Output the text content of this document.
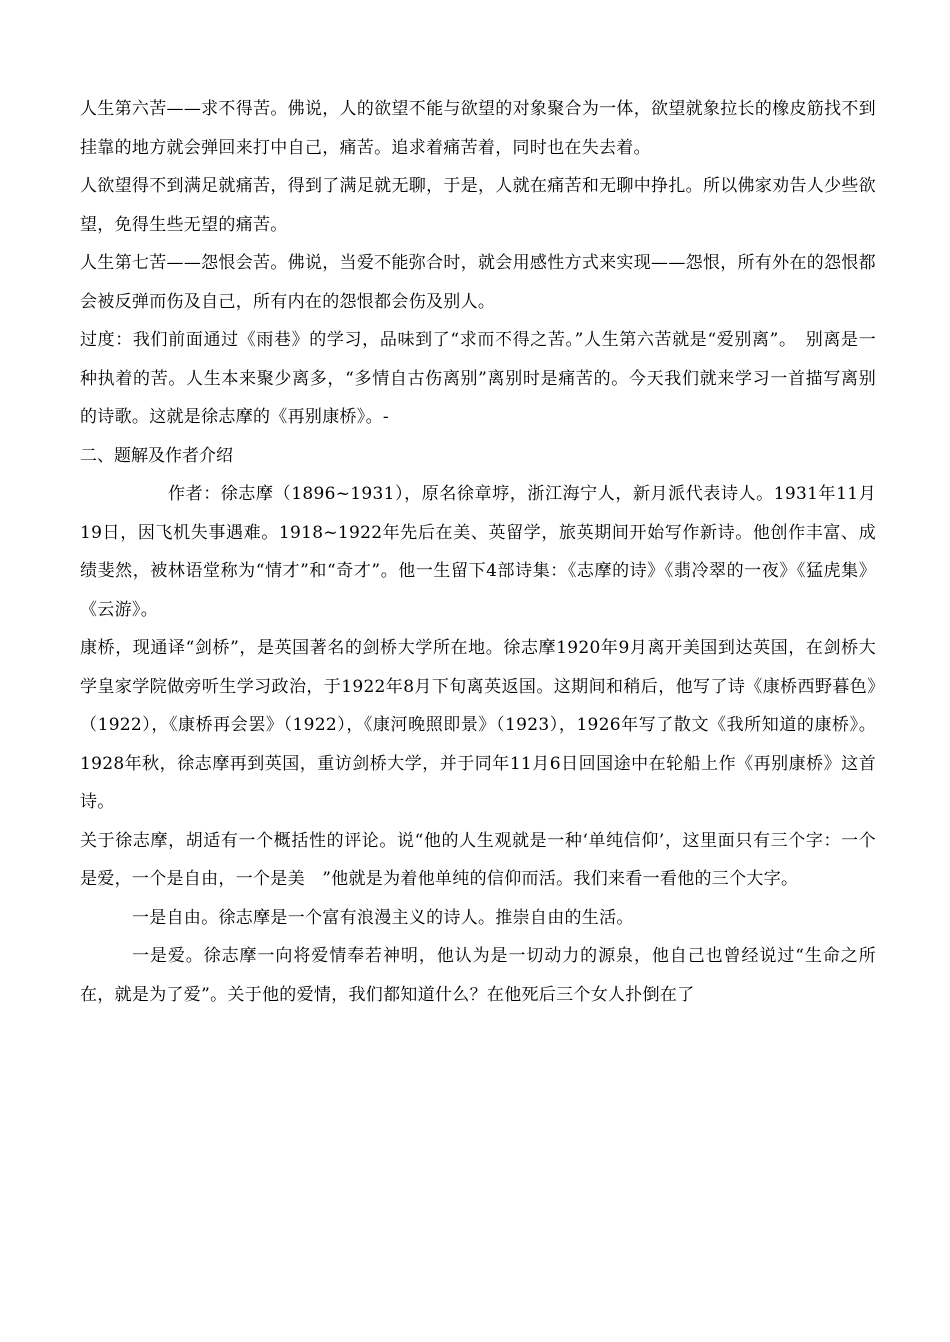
人生第六苦——求不得苦。佛说，人的欲望不能与欲望的对象聚合为一体，欲望就象拉长的橡皮筋找不到挂靠的地方就会弹回来打中自己，痛苦。追求着痛苦着，同时也在失去着。

人欲望得不到满足就痛苦，得到了满足就无聊，于是，人就在痛苦和无聊中挣扎。所以佛家劝告人少些欲望，免得生些无望的痛苦。

人生第七苦——怨恨会苦。佛说，当爱不能弥合时，就会用感性方式来实现——怨恨，所有外在的怨恨都会被反弹而伤及自己，所有内在的怨恨都会伤及别人。

过度：我们前面通过《雨巷》的学习，品味到了“求而不得之苦。”人生第六苦就是“爱别离”。　别离是一种执着的苦。人生本来聚少离多，“多情自古伤离别”离别时是痛苦的。今天我们就来学习一首描写离别的诗歌。这就是徐志摩的《再别康桥》。-

二、题解及作者介绍

作者：徐志摩（1896~1931），原名徐章垿，浙江海宁人，新月派代表诗人。1931年11月19日，因飞机失事遇难。1918~1922年先后在美、英留学，旅英期间开始写作新诗。他创作丰富、成绩斐然，被林语堂称为“情才”和“奇才”。他一生留下4部诗集：《志摩的诗》《翡冷翠的一夜》《猛虎集》《云游》。

康桥，现通译“剑桥”，是英国著名的剑桥大学所在地。徐志摩1920年9月离开美国到达英国，在剑桥大学皇家学院做旁听生学习政治，于1922年8月下旬离英返国。这期间和稍后，他写了诗《康桥西野暮色》（1922），《康桥再会罢》（1922），《康河晚照即景》（1923），1926年写了散文《我所知道的康桥》。1928年秋，徐志摩再到英国，重访剑桥大学，并于同年11月6日回国途中在轮船上作《再别康桥》这首诗。

关于徐志摩，胡适有一个概括性的评论。说“他的人生观就是一种‘单纯信仰’，这里面只有三个字：一个是爱，一个是自由，一个是美　”他就是为着他单纯的信仰而活。我们来看一看他的三个大字。

一是自由。徐志摩是一个富有浪漫主义的诗人。推崇自由的生活。

一是爱。徐志摩一向将爱情奉若神明，他认为是一切动力的源泉，他自己也曾经说过“生命之所在，就是为了爱”。关于他的爱情，我们都知道什么？在他死后三个女人扑倒在了
